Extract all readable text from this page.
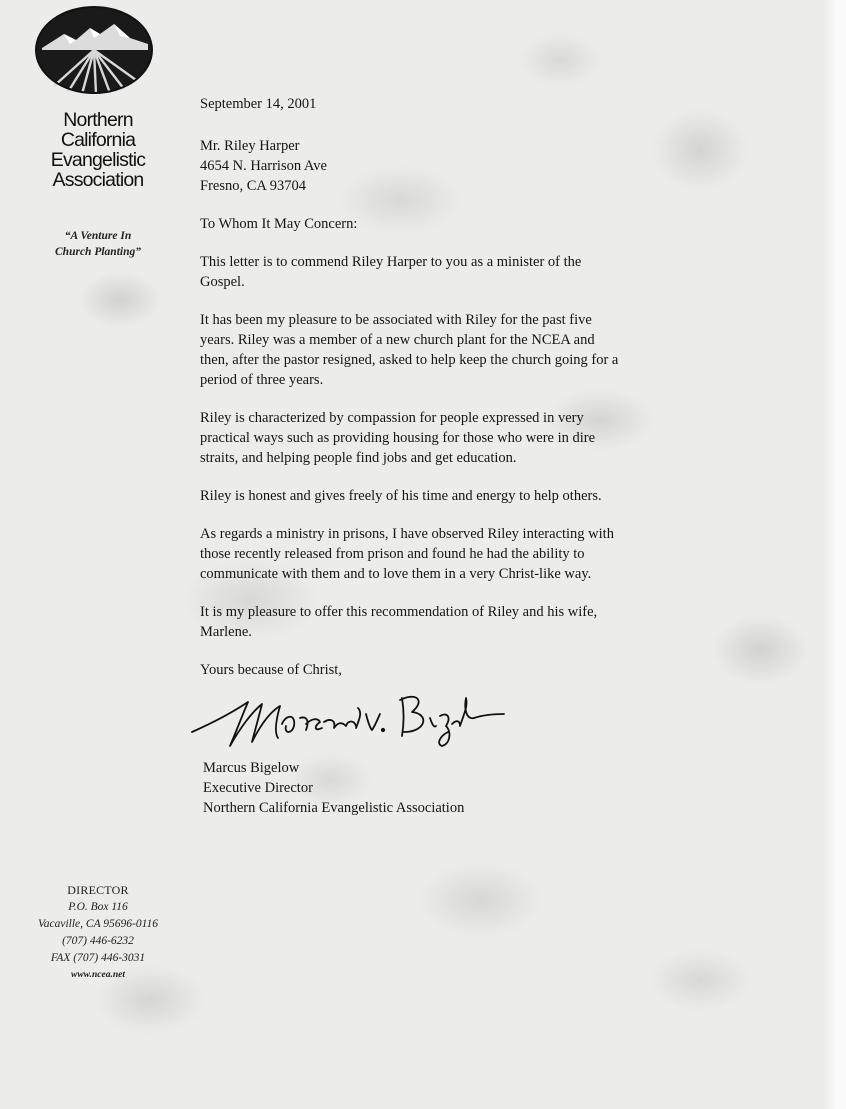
Northern
California
Evangelistic
Association
“A Venture In
Church Planting”

September 14, 2001

Mr. Riley Harper
4654 N. Harrison Ave
Fresno, CA 93704

To Whom It May Concern:

This letter is to commend Riley Harper to you as a minister of the
Gospel.

It has been my pleasure to be associated with Riley for the past five
years. Riley was a member of a new church plant for the NCEA and
then, after the pastor resigned, asked to help keep the church going for a
period of three years.

Riley is characterized by compassion for people expressed in very
practical ways such as providing housing for those who were in dire
straits, and helping people find jobs and get education.

Riley is honest and gives freely of his time and energy to help others.

As regards a ministry in prisons, I have observed Riley interacting with
those recently released from prison and found he had the ability to
communicate with them and to love them in a very Christ-like way.

It is my pleasure to offer this recommendation of Riley and his wife,
Marlene.

Yours because of Christ,

Marcus Bigelow
Executive Director
Northern California Evangelistic Association
DIRECTOR
P.O. Box 116
Vacaville, CA 95696-0116
(707) 446-6232
FAX (707) 446-3031
www.ncea.net
